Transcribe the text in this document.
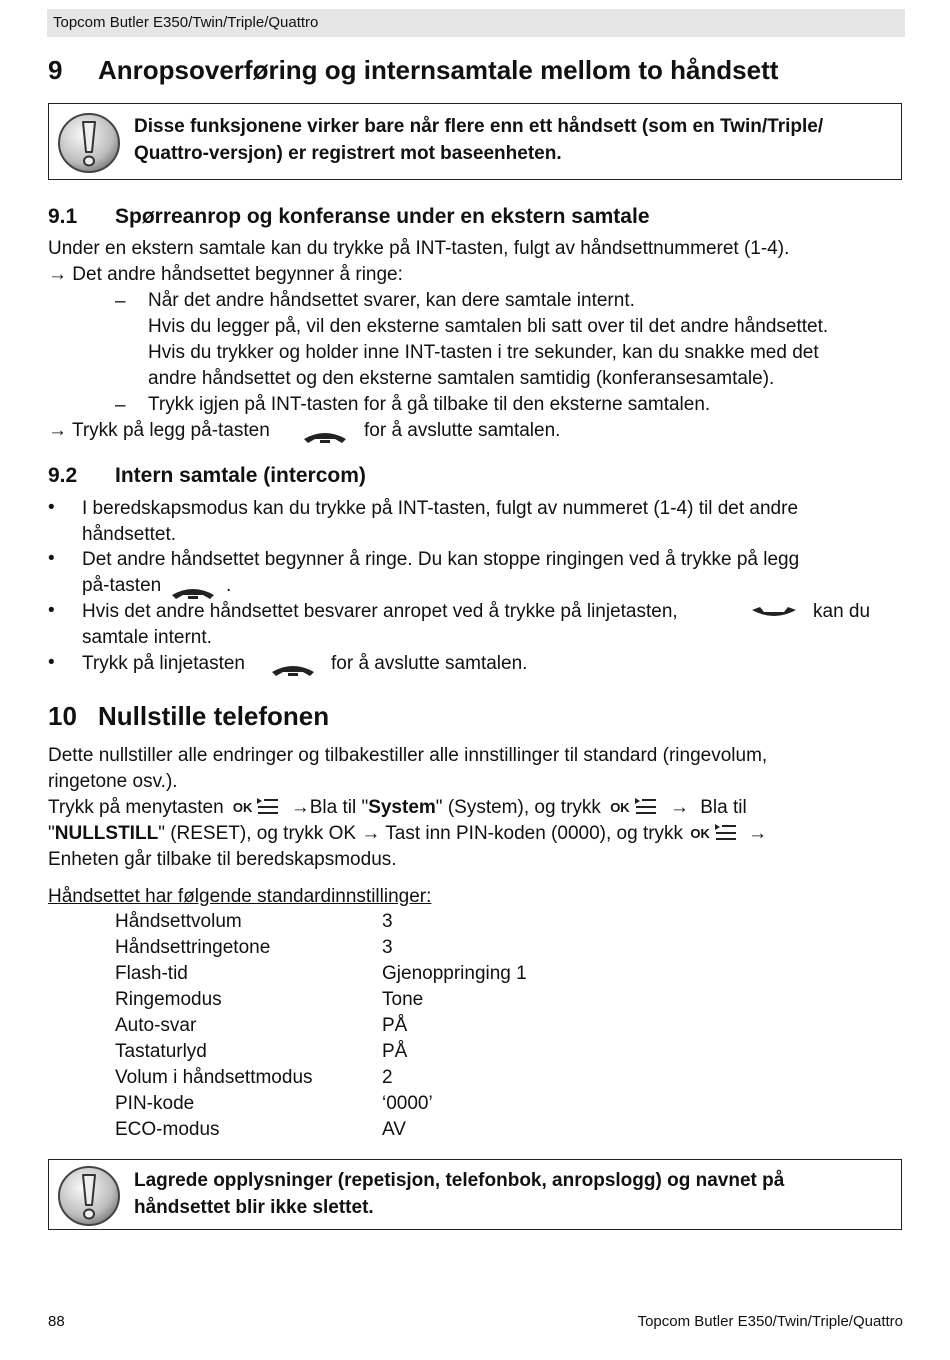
Topcom Butler E350/Twin/Triple/Quattro
9 Anropsoverføring og internsamtale mellom to håndsett
Disse funksjonene virker bare når flere enn ett håndsett (som en Twin/Triple/
Quattro-versjon) er registrert mot baseenheten.
9.1 Spørreanrop og konferanse under en ekstern samtale
Under en ekstern samtale kan du trykke på INT-tasten, fulgt av håndsettnummeret (1-4).
→ Det andre håndsettet begynner å ringe:
– Når det andre håndsettet svarer, kan dere samtale internt.
Hvis du legger på, vil den eksterne samtalen bli satt over til det andre håndsettet.
Hvis du trykker og holder inne INT-tasten i tre sekunder, kan du snakke med det
andre håndsettet og den eksterne samtalen samtidig (konferansesamtale).
– Trykk igjen på INT-tasten for å gå tilbake til den eksterne samtalen.
→ Trykk på legg på-tasten	for å avslutte samtalen.
9.2 Intern samtale (intercom)
• I beredskapsmodus kan du trykke på INT-tasten, fulgt av nummeret (1-4) til det andre
håndsettet.
• Det andre håndsettet begynner å ringe. Du kan stoppe ringingen ved å trykke på legg
på-tasten	.
• Hvis det andre håndsettet besvarer anropet ved å trykke på linjetasten,	kan du
samtale internt.
• Trykk på linjetasten	for å avslutte samtalen.
10 Nullstille telefonen
Dette nullstiller alle endringer og tilbakestiller alle innstillinger til standard (ringevolum,
ringetone osv.).
Trykk på menytasten OK →Bla til "System" (System), og trykk OK → Bla til
"NULLSTILL" (RESET), og trykk OK → Tast inn PIN-koden (0000), og trykk OK →
Enheten går tilbake til beredskapsmodus.
Håndsettet har følgende standardinnstillinger:
Håndsettvolum	3
Håndsettringetone	3
Flash-tid	Gjenoppringing 1
Ringemodus	Tone
Auto-svar	PÅ
Tastaturlyd	PÅ
Volum i håndsettmodus	2
PIN-kode	‘0000’
ECO-modus	AV
Lagrede opplysninger (repetisjon, telefonbok, anropslogg) og navnet på
håndsettet blir ikke slettet.
88	Topcom Butler E350/Twin/Triple/Quattro
